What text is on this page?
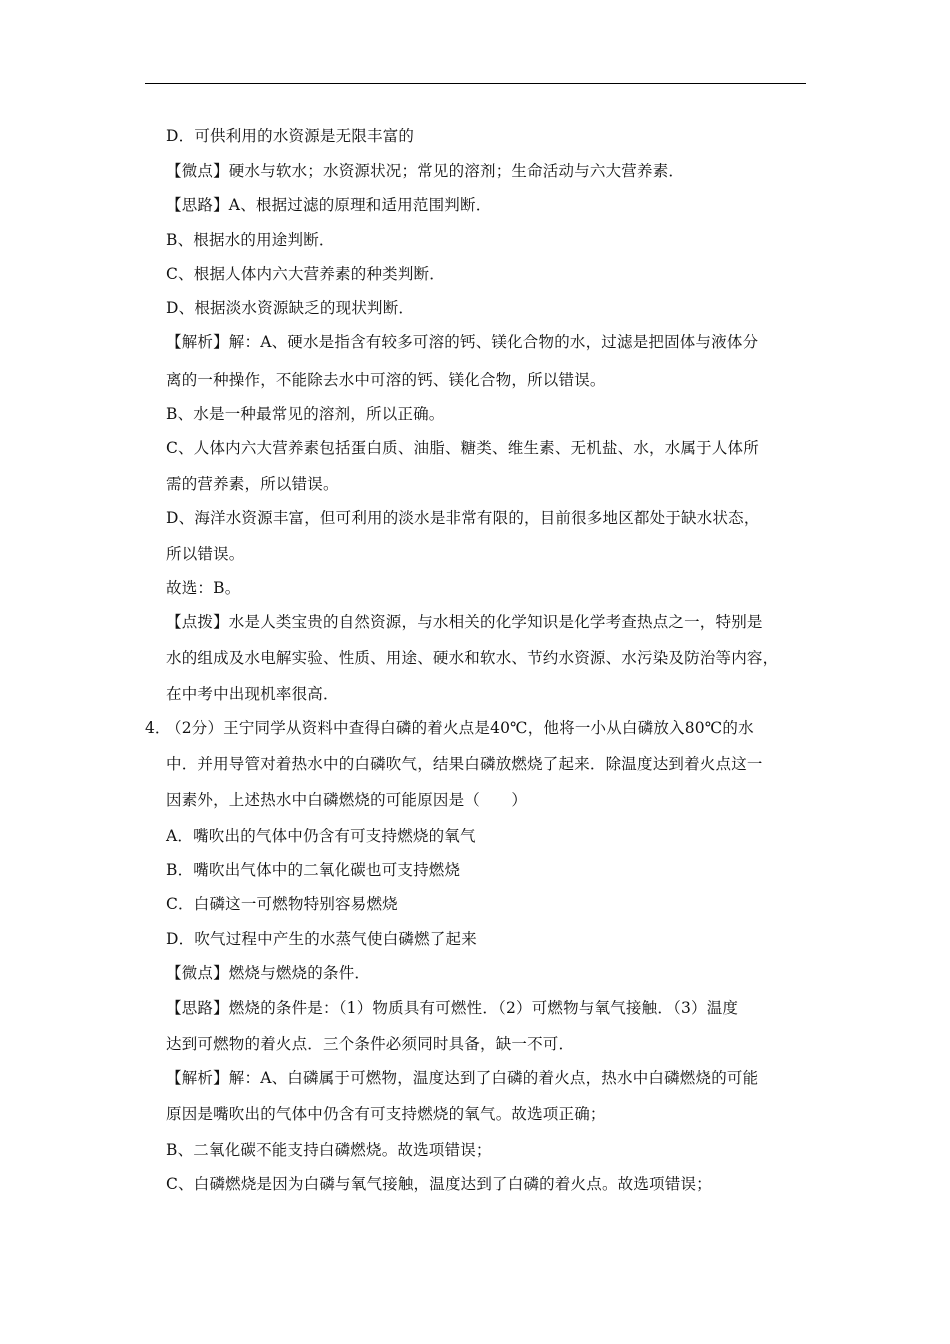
D．可供利用的水资源是无限丰富的
【微点】硬水与软水；水资源状况；常见的溶剂；生命活动与六大营养素．
【思路】A、根据过滤的原理和适用范围判断．
B、根据水的用途判断．
C、根据人体内六大营养素的种类判断．
D、根据淡水资源缺乏的现状判断．
【解析】解：A、硬水是指含有较多可溶的钙、镁化合物的水，过滤是把固体与液体分
离的一种操作，不能除去水中可溶的钙、镁化合物，所以错误。
B、水是一种最常见的溶剂，所以正确。
C、人体内六大营养素包括蛋白质、油脂、糖类、维生素、无机盐、水，水属于人体所
需的营养素，所以错误。
D、海洋水资源丰富，但可利用的淡水是非常有限的，目前很多地区都处于缺水状态，
所以错误。
故选：B。
【点拨】水是人类宝贵的自然资源，与水相关的化学知识是化学考查热点之一，特别是
水的组成及水电解实验、性质、用途、硬水和软水、节约水资源、水污染及防治等内容，
在中考中出现机率很高．
4．
（2分）王宁同学从资料中查得白磷的着火点是40℃，他将一小从白磷放入80℃的水
中．并用导管对着热水中的白磷吹气，结果白磷放燃烧了起来．除温度达到着火点这一
因素外，上述热水中白磷燃烧的可能原因是（　　）
A．嘴吹出的气体中仍含有可支持燃烧的氧气
B．嘴吹出气体中的二氧化碳也可支持燃烧
C．白磷这一可燃物特别容易燃烧
D．吹气过程中产生的水蒸气使白磷燃了起来
【微点】燃烧与燃烧的条件．
【思路】燃烧的条件是：（1）物质具有可燃性．（2）可燃物与氧气接触．（3）温度
达到可燃物的着火点．三个条件必须同时具备，缺一不可．
【解析】解：A、白磷属于可燃物，温度达到了白磷的着火点，热水中白磷燃烧的可能
原因是嘴吹出的气体中仍含有可支持燃烧的氧气。故选项正确；
B、二氧化碳不能支持白磷燃烧。故选项错误；
C、白磷燃烧是因为白磷与氧气接触，温度达到了白磷的着火点。故选项错误；
